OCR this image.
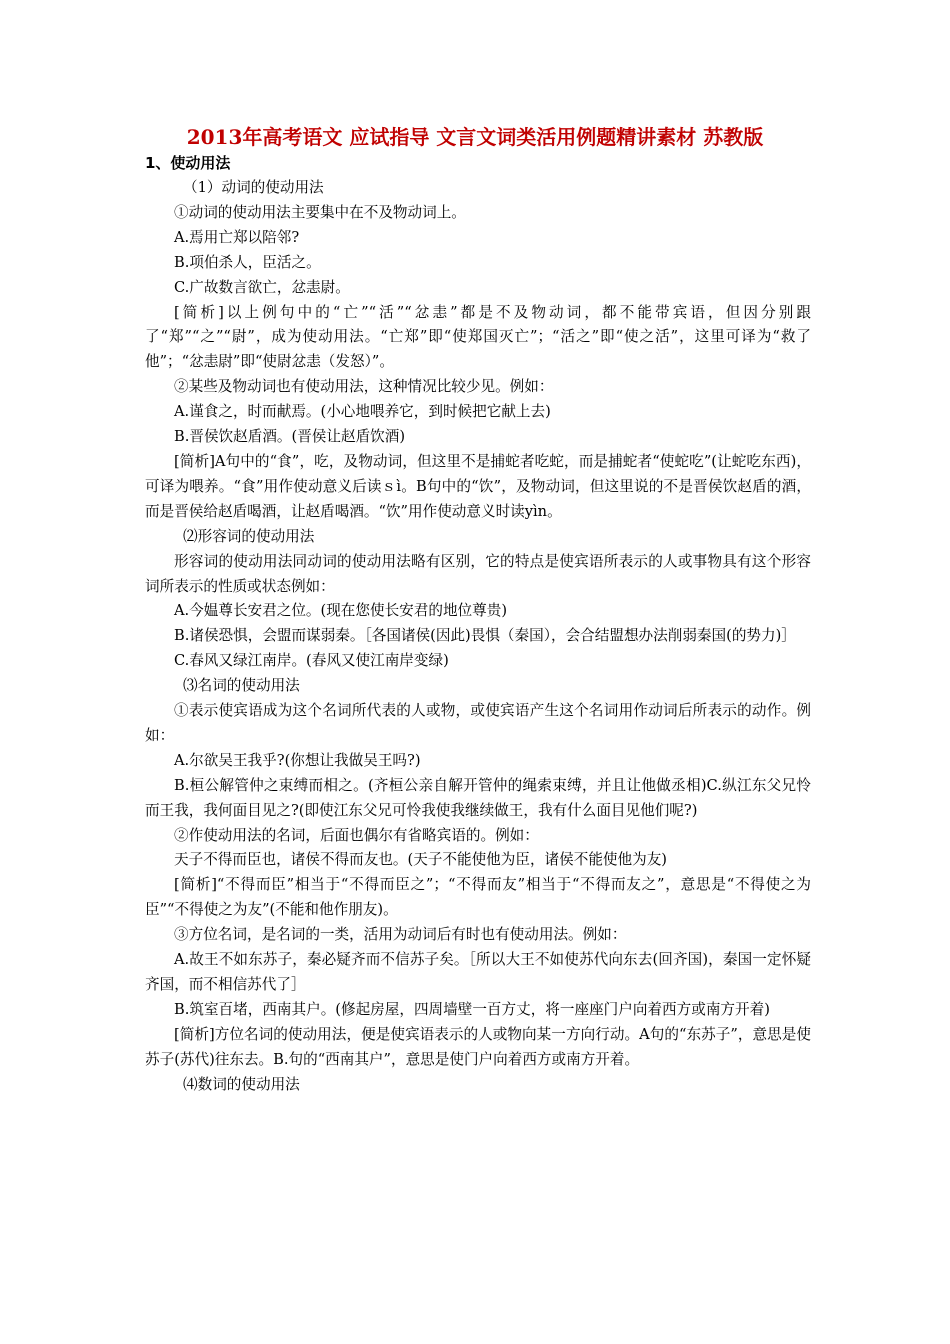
2013年高考语文 应试指导 文言文词类活用例题精讲素材 苏教版
1、使动用法

（1）动词的使动用法

①动词的使动用法主要集中在不及物动词上。

A.焉用亡郑以陪邻?

B.项伯杀人，臣活之。

C.广故数言欲亡，忿恚尉。

[简析]以上例句中的“亡”“活”“忿恚”都是不及物动词，都不能带宾语，但因分别跟了“郑”“之”“尉”，成为使动用法。“亡郑”即“使郑国灭亡”；“活之”即“使之活”，这里可译为“救了他”；“忿恚尉”即“使尉忿恚（发怒）”。

②某些及物动词也有使动用法，这种情况比较少见。例如：

A.谨食之，时而献焉。(小心地喂养它，到时候把它献上去)

B.晋侯饮赵盾酒。(晋侯让赵盾饮酒)

[简析]A句中的“食”，吃，及物动词，但这里不是捕蛇者吃蛇，而是捕蛇者“使蛇吃”(让蛇吃东西)，可译为喂养。“食”用作使动意义后读ｓì。B句中的“饮”，及物动词，但这里说的不是晋侯饮赵盾的酒，而是晋侯给赵盾喝酒，让赵盾喝酒。“饮”用作使动意义时读yìn。

⑵形容词的使动用法

形容词的使动用法同动词的使动用法略有区别，它的特点是使宾语所表示的人或事物具有这个形容词所表示的性质或状态例如：

A.今媪尊长安君之位。(现在您使长安君的地位尊贵)

B.诸侯恐惧，会盟而谋弱秦。［各国诸侯(因此)畏惧（秦国），会合结盟想办法削弱秦国(的势力)］

C.春风又绿江南岸。(春风又使江南岸变绿)

⑶名词的使动用法

①表示使宾语成为这个名词所代表的人或物，或使宾语产生这个名词用作动词后所表示的动作。例如：

A.尔欲吴王我乎?(你想让我做吴王吗?)

B.桓公解管仲之束缚而相之。(齐桓公亲自解开管仲的绳索束缚，并且让他做丞相)C.纵江东父兄怜而王我，我何面目见之?(即使江东父兄可怜我使我继续做王，我有什么面目见他们呢?)

②作使动用法的名词，后面也偶尔有省略宾语的。例如：

天子不得而臣也，诸侯不得而友也。(天子不能使他为臣，诸侯不能使他为友)

[简析]“不得而臣”相当于“不得而臣之”；“不得而友”相当于“不得而友之”，意思是“不得使之为臣”“不得使之为友”(不能和他作朋友)。

③方位名词，是名词的一类，活用为动词后有时也有使动用法。例如：

A.故王不如东苏子，秦必疑齐而不信苏子矣。［所以大王不如使苏代向东去(回齐国)，秦国一定怀疑齐国，而不相信苏代了］

B.筑室百堵，西南其户。(修起房屋，四周墙壁一百方丈，将一座座门户向着西方或南方开着)

[简析]方位名词的使动用法，便是使宾语表示的人或物向某一方向行动。A句的“东苏子”，意思是使苏子(苏代)往东去。B.句的“西南其户”，意思是使门户向着西方或南方开着。

⑷数词的使动用法
